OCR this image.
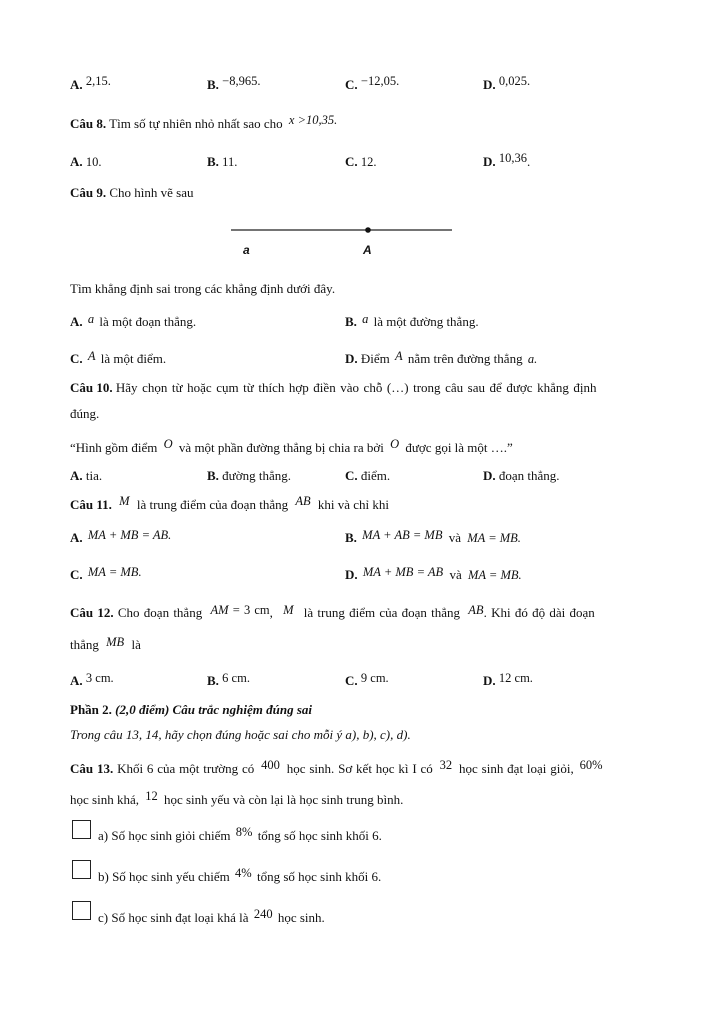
A. 2,15.	B. −8,965.	C. −12,05.	D. 0,025.
Câu 8. Tìm số tự nhiên nhỏ nhất sao cho x >10,35.
A. 10.	B. 11.	C. 12.	D. 10,36.
Câu 9. Cho hình vẽ sau
a	A
Tìm khẳng định sai trong các khẳng định dưới đây.
A. a là một đoạn thẳng.	B. a là một đường thẳng.
C. A là một điểm.	D. Điểm A nằm trên đường thẳng a.
Câu 10. Hãy chọn từ hoặc cụm từ thích hợp điền vào chỗ (…) trong câu sau để được khẳng định
đúng.
“Hình gồm điểm O và một phần đường thẳng bị chia ra bởi O được gọi là một ….”
A. tia.	B. đường thẳng.	C. điểm.	D. đoạn thẳng.
Câu 11. M là trung điểm của đoạn thẳng AB khi và chỉ khi
A. MA + MB = AB.	B. MA + AB = MB và MA = MB.
C. MA = MB.	D. MA + MB = AB và MA = MB.
Câu 12. Cho đoạn thẳng AM = 3 cm, M là trung điểm của đoạn thẳng AB. Khi đó độ dài đoạn
thẳng MB là
A. 3 cm.	B. 6 cm.	C. 9 cm.	D. 12 cm.
Phần 2. (2,0 điểm) Câu trắc nghiệm đúng sai
Trong câu 13, 14, hãy chọn đúng hoặc sai cho mỗi ý a), b), c), d).
Câu 13. Khối 6 của một trường có 400 học sinh. Sơ kết học kì I có 32 học sinh đạt loại giỏi, 60%
học sinh khá, 12 học sinh yếu và còn lại là học sinh trung bình.
a) Số học sinh giỏi chiếm 8% tổng số học sinh khối 6.
b) Số học sinh yếu chiếm 4% tổng số học sinh khối 6.
c) Số học sinh đạt loại khá là 240 học sinh.
